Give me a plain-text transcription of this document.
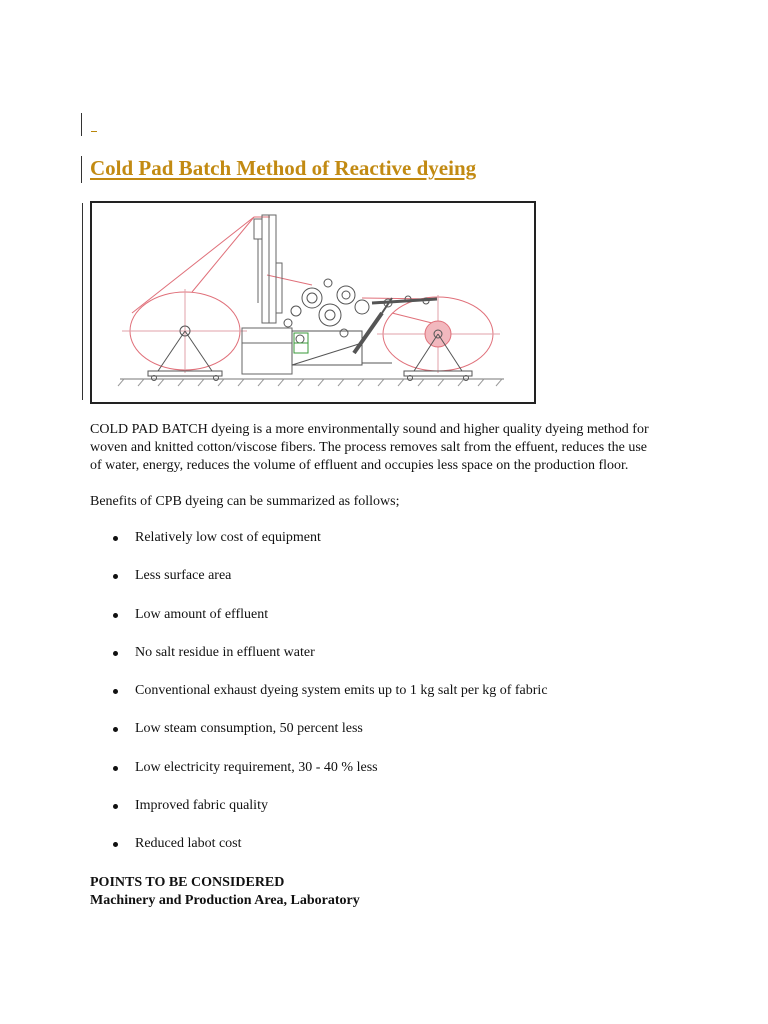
Cold Pad Batch Method of Reactive dyeing

COLD PAD BATCH dyeing is a more environmentally sound and higher quality dyeing method for woven and knitted cotton/viscose fibers. The process removes salt from the effuent, reduces the use of water, energy, reduces the volume of effluent and occupies less space on the production floor.

Benefits of CPB dyeing can be summarized as follows;

Relatively low cost of equipment
Less surface area
Low amount of effluent
No salt residue in effluent water
Conventional exhaust dyeing system emits up to 1 kg salt per kg of fabric
Low steam consumption, 50 percent less
Low electricity requirement, 30 - 40 % less
Improved fabric quality
Reduced labot cost

POINTS TO BE CONSIDERED

Machinery and Production Area, Laboratory
